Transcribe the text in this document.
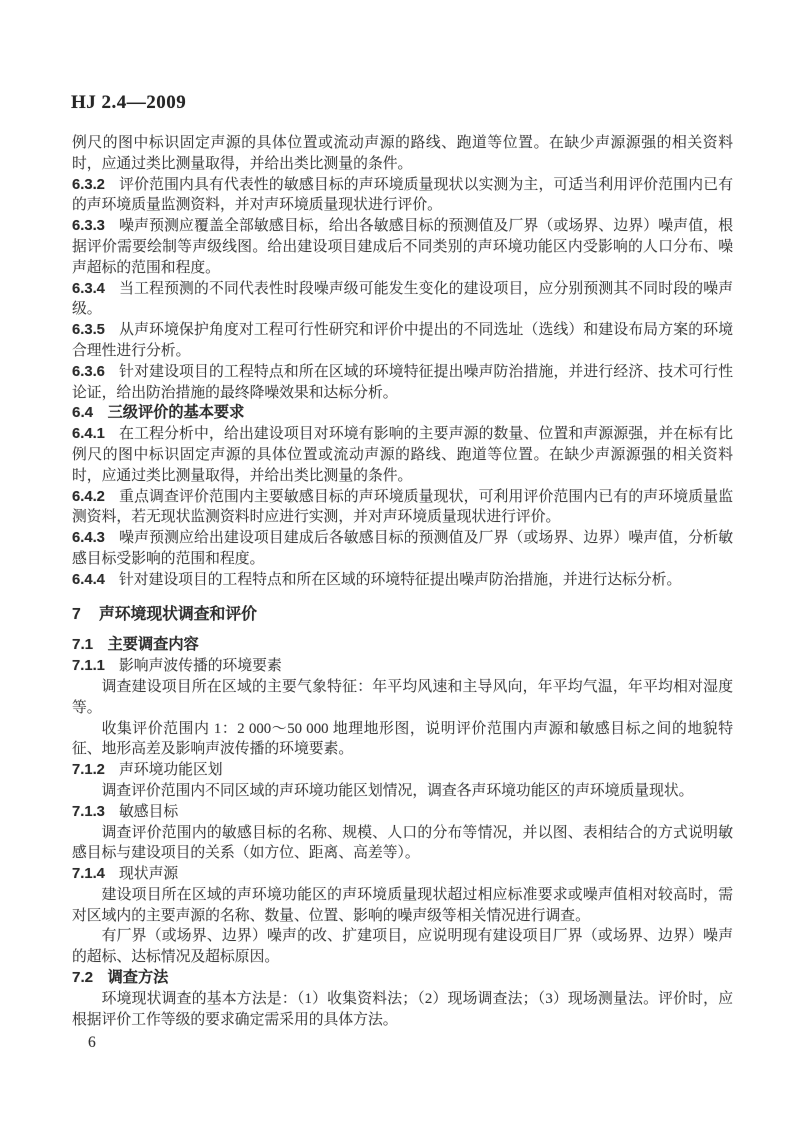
HJ 2.4—2009

例尺的图中标识固定声源的具体位置或流动声源的路线、跑道等位置。在缺少声源源强的相关资料时，应通过类比测量取得，并给出类比测量的条件。

6.3.2 评价范围内具有代表性的敏感目标的声环境质量现状以实测为主，可适当利用评价范围内已有的声环境质量监测资料，并对声环境质量现状进行评价。

6.3.3 噪声预测应覆盖全部敏感目标，给出各敏感目标的预测值及厂界（或场界、边界）噪声值，根据评价需要绘制等声级线图。给出建设项目建成后不同类别的声环境功能区内受影响的人口分布、噪声超标的范围和程度。

6.3.4 当工程预测的不同代表性时段噪声级可能发生变化的建设项目，应分别预测其不同时段的噪声级。

6.3.5 从声环境保护角度对工程可行性研究和评价中提出的不同选址（选线）和建设布局方案的环境合理性进行分析。

6.3.6 针对建设项目的工程特点和所在区域的环境特征提出噪声防治措施，并进行经济、技术可行性论证，给出防治措施的最终降噪效果和达标分析。

6.4 三级评价的基本要求

6.4.1 在工程分析中，给出建设项目对环境有影响的主要声源的数量、位置和声源源强，并在标有比例尺的图中标识固定声源的具体位置或流动声源的路线、跑道等位置。在缺少声源源强的相关资料时，应通过类比测量取得，并给出类比测量的条件。

6.4.2 重点调查评价范围内主要敏感目标的声环境质量现状，可利用评价范围内已有的声环境质量监测资料，若无现状监测资料时应进行实测，并对声环境质量现状进行评价。

6.4.3 噪声预测应给出建设项目建成后各敏感目标的预测值及厂界（或场界、边界）噪声值，分析敏感目标受影响的范围和程度。

6.4.4 针对建设项目的工程特点和所在区域的环境特征提出噪声防治措施，并进行达标分析。

7 声环境现状调查和评价

7.1 主要调查内容

7.1.1 影响声波传播的环境要素

调查建设项目所在区域的主要气象特征：年平均风速和主导风向，年平均气温，年平均相对湿度等。

收集评价范围内 1：2 000～50 000 地理地形图，说明评价范围内声源和敏感目标之间的地貌特征、地形高差及影响声波传播的环境要素。

7.1.2 声环境功能区划

调查评价范围内不同区域的声环境功能区划情况，调查各声环境功能区的声环境质量现状。

7.1.3 敏感目标

调查评价范围内的敏感目标的名称、规模、人口的分布等情况，并以图、表相结合的方式说明敏感目标与建设项目的关系（如方位、距离、高差等）。

7.1.4 现状声源

建设项目所在区域的声环境功能区的声环境质量现状超过相应标准要求或噪声值相对较高时，需对区域内的主要声源的名称、数量、位置、影响的噪声级等相关情况进行调查。

有厂界（或场界、边界）噪声的改、扩建项目，应说明现有建设项目厂界（或场界、边界）噪声的超标、达标情况及超标原因。

7.2 调查方法

环境现状调查的基本方法是：（1）收集资料法；（2）现场调查法；（3）现场测量法。评价时，应根据评价工作等级的要求确定需采用的具体方法。

6
